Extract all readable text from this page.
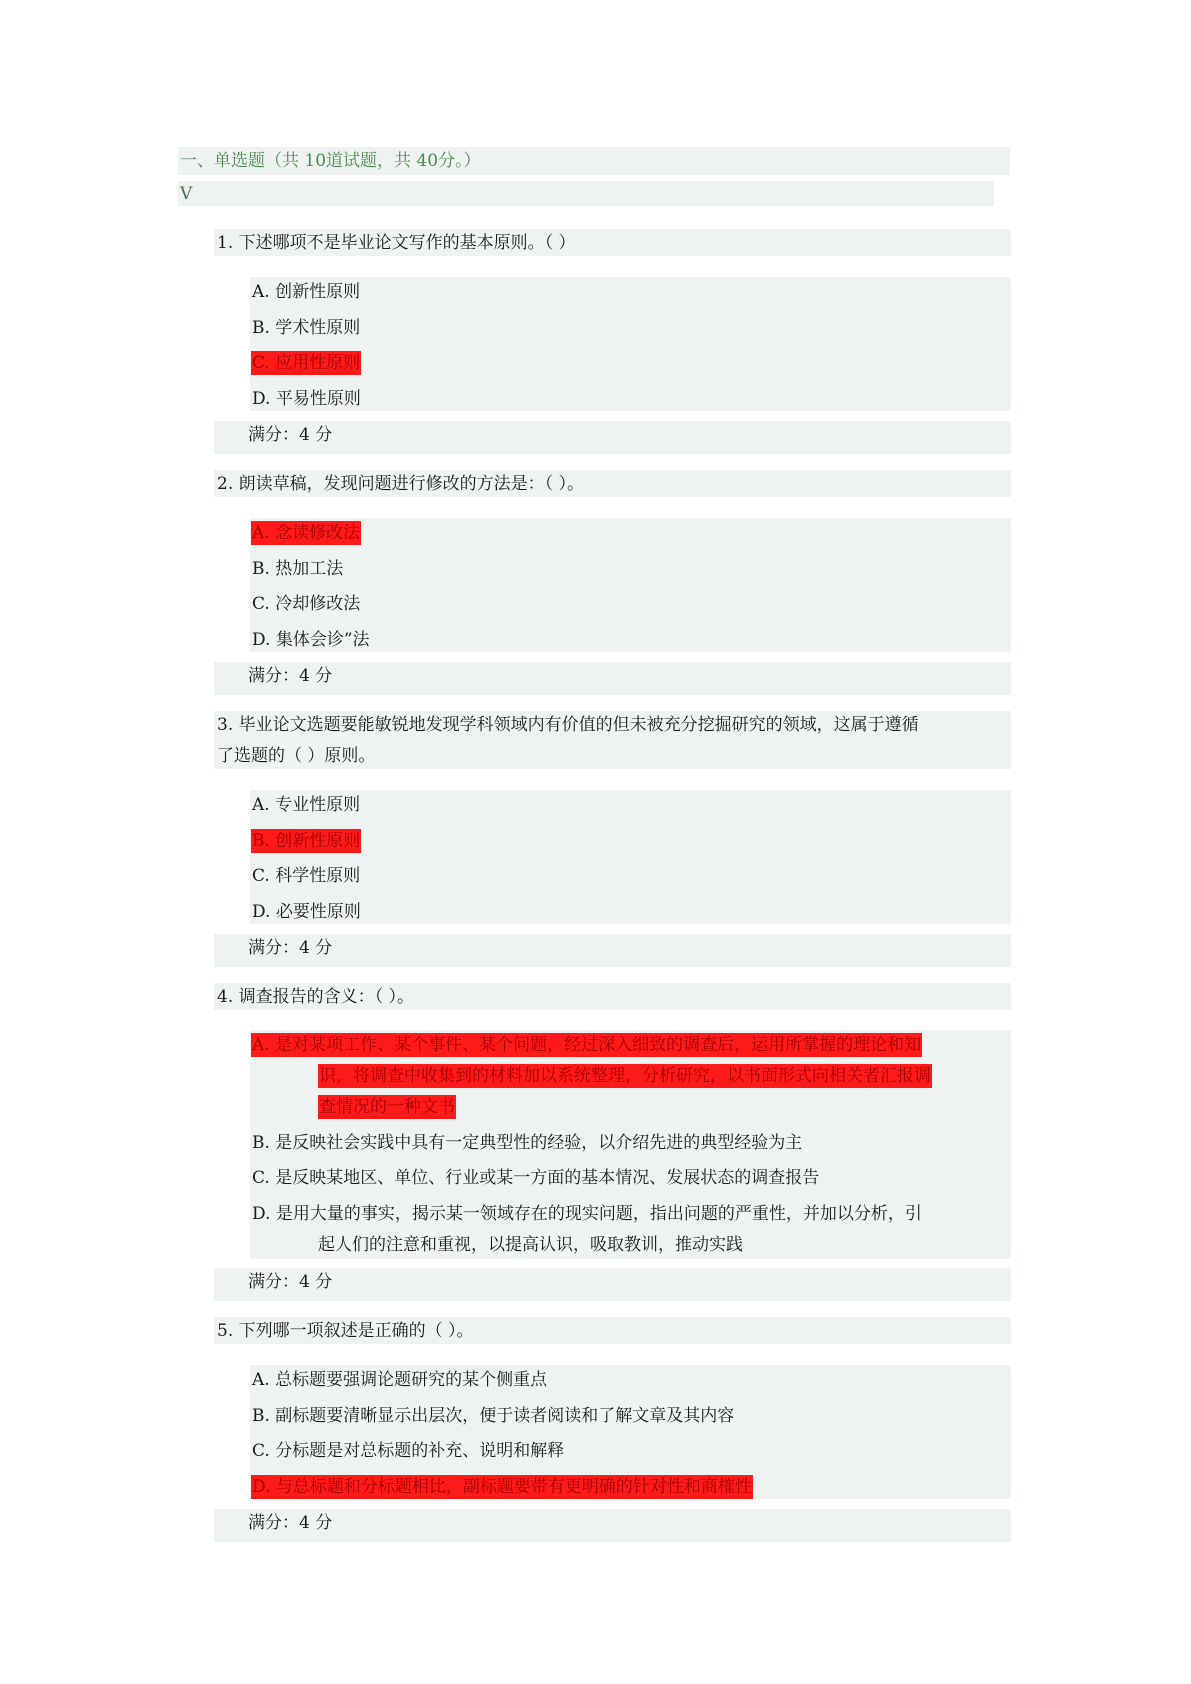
一、单选题（共 10道试题，共 40分。）
V
1. 下述哪项不是毕业论文写作的基本原则。（ ）
A. 创新性原则
B. 学术性原则
C. 应用性原则
D. 平易性原则
满分：4 分
2. 朗读草稿，发现问题进行修改的方法是：（ ）。
A. 念读修改法
B. 热加工法
C. 冷却修改法
D. 集体会诊”法
满分：4 分
3. 毕业论文选题要能敏锐地发现学科领域内有价值的但未被充分挖掘研究的领域，这属于遵循
了选题的（ ）原则。
A. 专业性原则
B. 创新性原则
C. 科学性原则
D. 必要性原则
满分：4 分
4. 调查报告的含义：（ ）。
A. 是对某项工作、某个事件、某个问题，经过深入细致的调查后，运用所掌握的理论和知
识，将调查中收集到的材料加以系统整理，分析研究，以书面形式向相关者汇报调
查情况的一种文书
B. 是反映社会实践中具有一定典型性的经验，以介绍先进的典型经验为主
C. 是反映某地区、单位、行业或某一方面的基本情况、发展状态的调查报告
D. 是用大量的事实，揭示某一领域存在的现实问题，指出问题的严重性，并加以分析，引
起人们的注意和重视，以提高认识，吸取教训，推动实践
满分：4 分
5. 下列哪一项叙述是正确的（ ）。
A. 总标题要强调论题研究的某个侧重点
B. 副标题要清晰显示出层次，便于读者阅读和了解文章及其内容
C. 分标题是对总标题的补充、说明和解释
D. 与总标题和分标题相比，副标题要带有更明确的针对性和商榷性
满分：4 分
